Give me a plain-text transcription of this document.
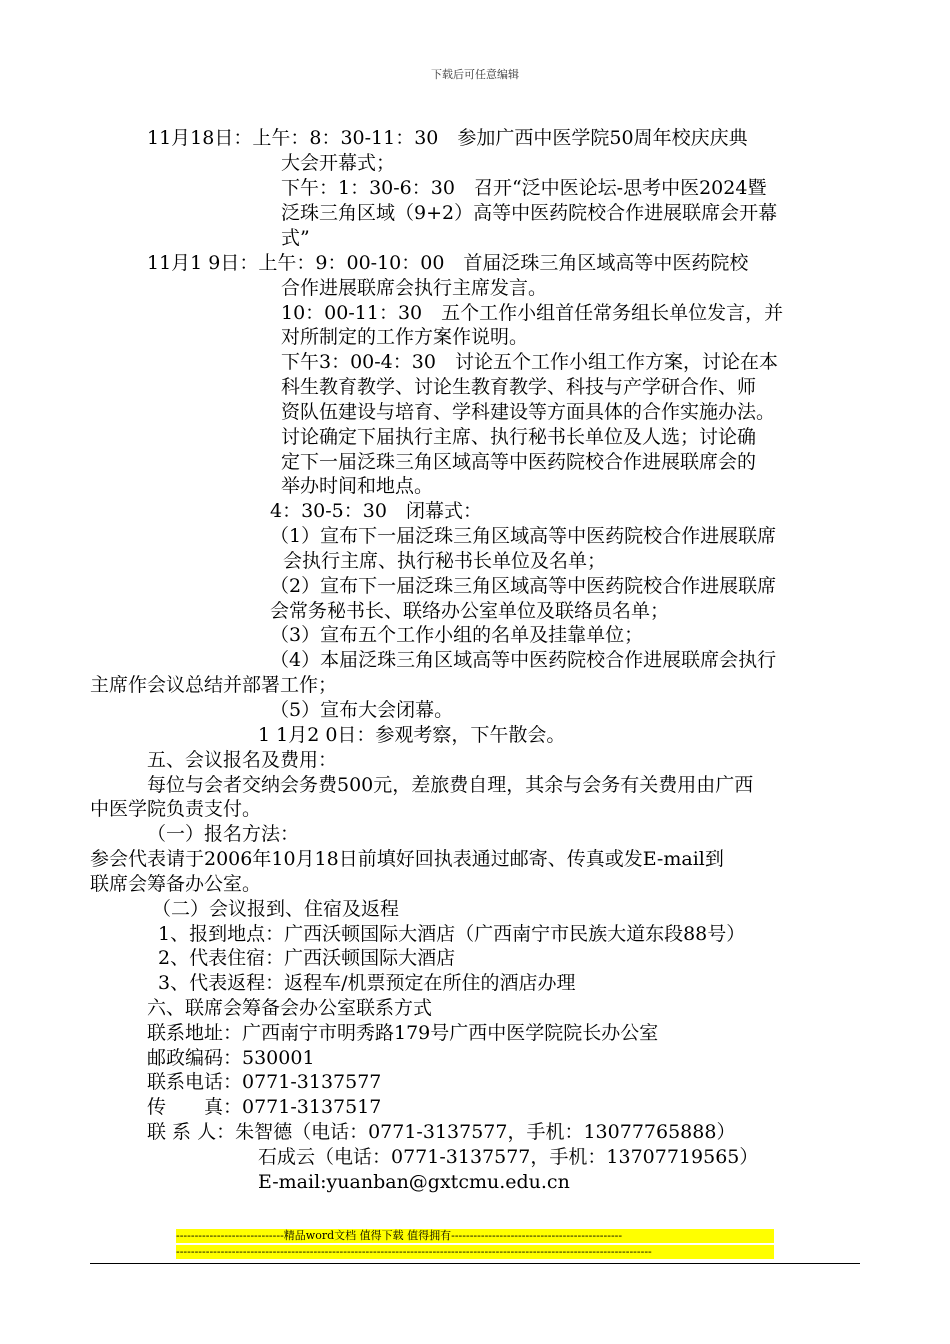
下载后可任意编辑
11月18日：上午：8：30-11：30　参加广西中医学院50周年校庆庆典
大会开幕式；
下午：1：30-6：30　召开“泛中医论坛-思考中医2024暨
泛珠三角区域（9+2）高等中医药院校合作进展联席会开幕
式”
11月1 9日：上午：9：00-10：00　首届泛珠三角区域高等中医药院校
合作进展联席会执行主席发言。
10：00-11：30　五个工作小组首任常务组长单位发言，并
对所制定的工作方案作说明。
下午3：00-4：30　讨论五个工作小组工作方案，讨论在本
科生教育教学、讨论生教育教学、科技与产学研合作、师
资队伍建设与培育、学科建设等方面具体的合作实施办法。
讨论确定下届执行主席、执行秘书长单位及人选；讨论确
定下一届泛珠三角区域高等中医药院校合作进展联席会的
举办时间和地点。
4：30-5：30　闭幕式：
（1）宣布下一届泛珠三角区域高等中医药院校合作进展联席
会执行主席、执行秘书长单位及名单；
（2）宣布下一届泛珠三角区域高等中医药院校合作进展联席
会常务秘书长、联络办公室单位及联络员名单；
（3）宣布五个工作小组的名单及挂靠单位；
（4）本届泛珠三角区域高等中医药院校合作进展联席会执行
主席作会议总结并部署工作；
（5）宣布大会闭幕。
1 1月2 0日：参观考察，下午散会。
五、会议报名及费用：
每位与会者交纳会务费500元，差旅费自理，其余与会务有关费用由广西
中医学院负责支付。
（一）报名方法：
参会代表请于2006年10月18日前填好回执表通过邮寄、传真或发E-mail到
联席会筹备办公室。
（二）会议报到、住宿及返程
1、报到地点：广西沃顿国际大酒店（广西南宁市民族大道东段88号）
2、代表住宿：广西沃顿国际大酒店
3、代表返程：返程车/机票预定在所住的酒店办理
六、联席会筹备会办公室联系方式
联系地址：广西南宁市明秀路179号广西中医学院院长办公室
邮政编码：530001
联系电话：0771-3137577
传　　真：0771-3137517
联 系 人：朱智德（电话：0771-3137577，手机：13077765888）
石成云（电话：0771-3137577，手机：13707719565）
E-mail:yuanban@gxtcmu.edu.cn
-----------------------------精品word文档 值得下载 值得拥有----------------------------------------------
--------------------------------------------------------------------------------------------------------------------------------
